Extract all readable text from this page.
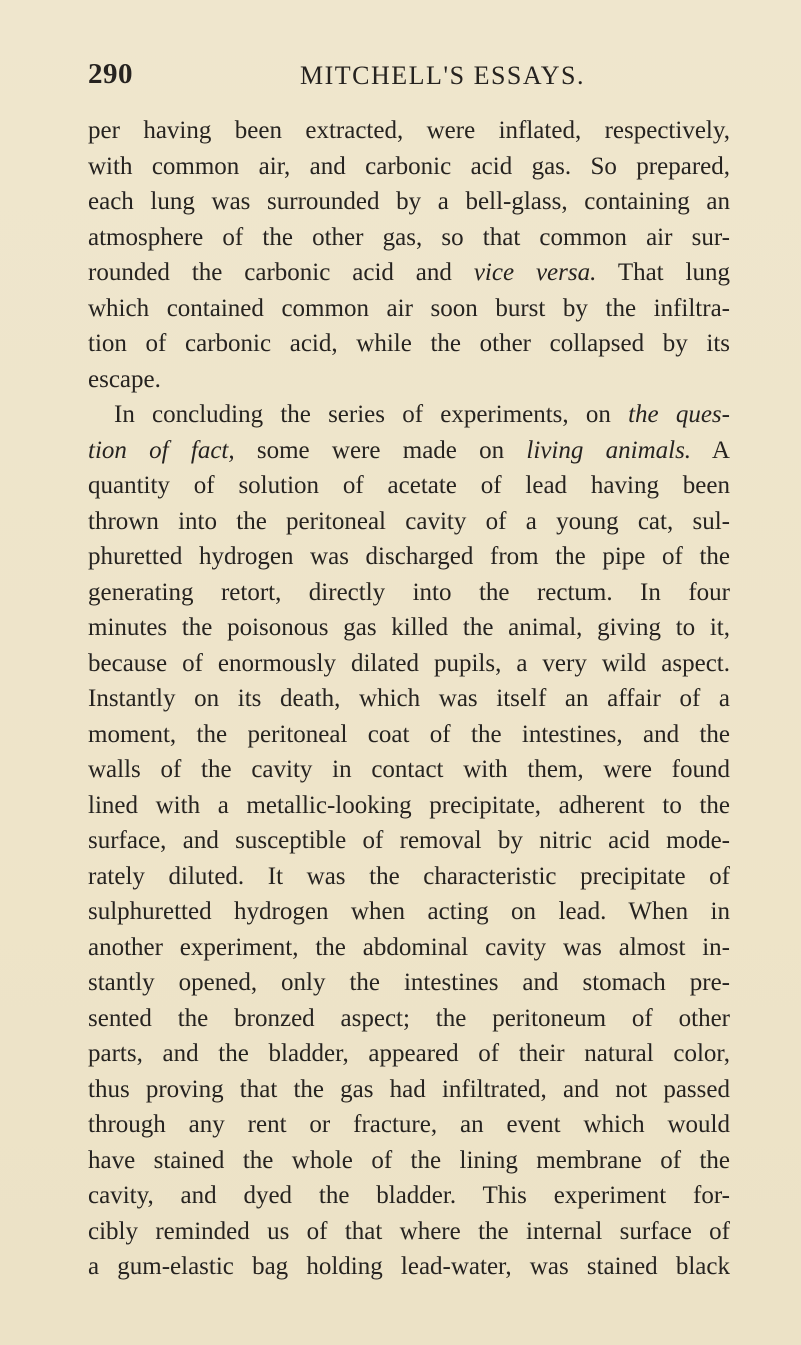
290	MITCHELL'S ESSAYS.
per having been extracted, were inflated, respectively,
with common air, and carbonic acid gas. So prepared,
each lung was surrounded by a bell-glass, containing an
atmosphere of the other gas, so that common air sur-
rounded the carbonic acid and vice versa. That lung
which contained common air soon burst by the infiltra-
tion of carbonic acid, while the other collapsed by its
escape.
In concluding the series of experiments, on the ques-
tion of fact, some were made on living animals. A
quantity of solution of acetate of lead having been
thrown into the peritoneal cavity of a young cat, sul-
phuretted hydrogen was discharged from the pipe of the
generating retort, directly into the rectum. In four
minutes the poisonous gas killed the animal, giving to it,
because of enormously dilated pupils, a very wild aspect.
Instantly on its death, which was itself an affair of a
moment, the peritoneal coat of the intestines, and the
walls of the cavity in contact with them, were found
lined with a metallic-looking precipitate, adherent to the
surface, and susceptible of removal by nitric acid mode-
rately diluted. It was the characteristic precipitate of
sulphuretted hydrogen when acting on lead. When in
another experiment, the abdominal cavity was almost in-
stantly opened, only the intestines and stomach pre-
sented the bronzed aspect; the peritoneum of other
parts, and the bladder, appeared of their natural color,
thus proving that the gas had infiltrated, and not passed
through any rent or fracture, an event which would
have stained the whole of the lining membrane of the
cavity, and dyed the bladder. This experiment for-
cibly reminded us of that where the internal surface of
a gum-elastic bag holding lead-water, was stained black
